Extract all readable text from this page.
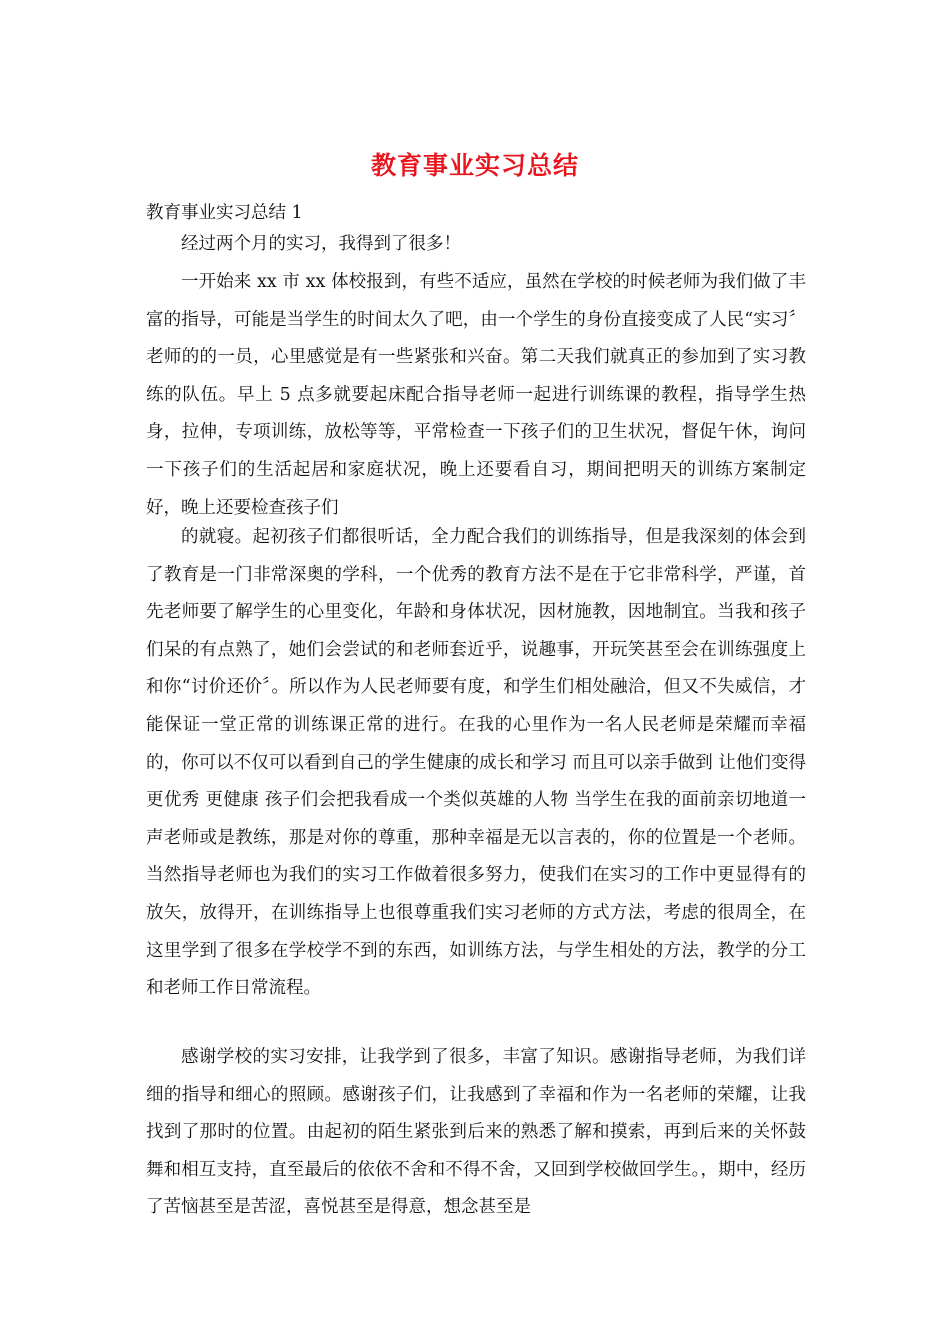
教育事业实习总结
教育事业实习总结 1

经过两个月的实习，我得到了很多！

一开始来 xx 市 xx 体校报到，有些不适应，虽然在学校的时候老师为我们做了丰富的指导，可能是当学生的时间太久了吧，由一个学生的身份直接变成了人民“实习〞老师的的一员，心里感觉是有一些紧张和兴奋。第二天我们就真正的参加到了实习教练的队伍。早上 5 点多就要起床配合指导老师一起进行训练课的教程，指导学生热身，拉伸，专项训练，放松等等，平常检查一下孩子们的卫生状况，督促午休，询问一下孩子们的生活起居和家庭状况，晚上还要看自习，期间把明天的训练方案制定好，晚上还要检查孩子们

的就寝。起初孩子们都很听话，全力配合我们的训练指导，但是我深刻的体会到了教育是一门非常深奥的学科，一个优秀的教育方法不是在于它非常科学，严谨，首先老师要了解学生的心里变化，年龄和身体状况，因材施教，因地制宜。当我和孩子们呆的有点熟了，她们会尝试的和老师套近乎，说趣事，开玩笑甚至会在训练强度上和你“讨价还价〞。所以作为人民老师要有度，和学生们相处融洽，但又不失威信，才能保证一堂正常的训练课正常的进行。在我的心里作为一名人民老师是荣耀而幸福的，你可以不仅可以看到自己的学生健康的成长和学习 而且可以亲手做到 让他们变得更优秀 更健康 孩子们会把我看成一个类似英雄的人物 当学生在我的面前亲切地道一声老师或是教练，那是对你的尊重，那种幸福是无以言表的，你的位置是一个老师。当然指导老师也为我们的实习工作做着很多努力，使我们在实习的工作中更显得有的放矢，放得开，在训练指导上也很尊重我们实习老师的方式方法，考虑的很周全，在这里学到了很多在学校学不到的东西，如训练方法，与学生相处的方法，教学的分工和老师工作日常流程。

感谢学校的实习安排，让我学到了很多，丰富了知识。感谢指导老师，为我们详细的指导和细心的照顾。感谢孩子们，让我感到了幸福和作为一名老师的荣耀，让我找到了那时的位置。由起初的陌生紧张到后来的熟悉了解和摸索，再到后来的关怀鼓舞和相互支持，直至最后的依依不舍和不得不舍，又回到学校做回学生。，期中，经历了苦恼甚至是苦涩，喜悦甚至是得意，想念甚至是
